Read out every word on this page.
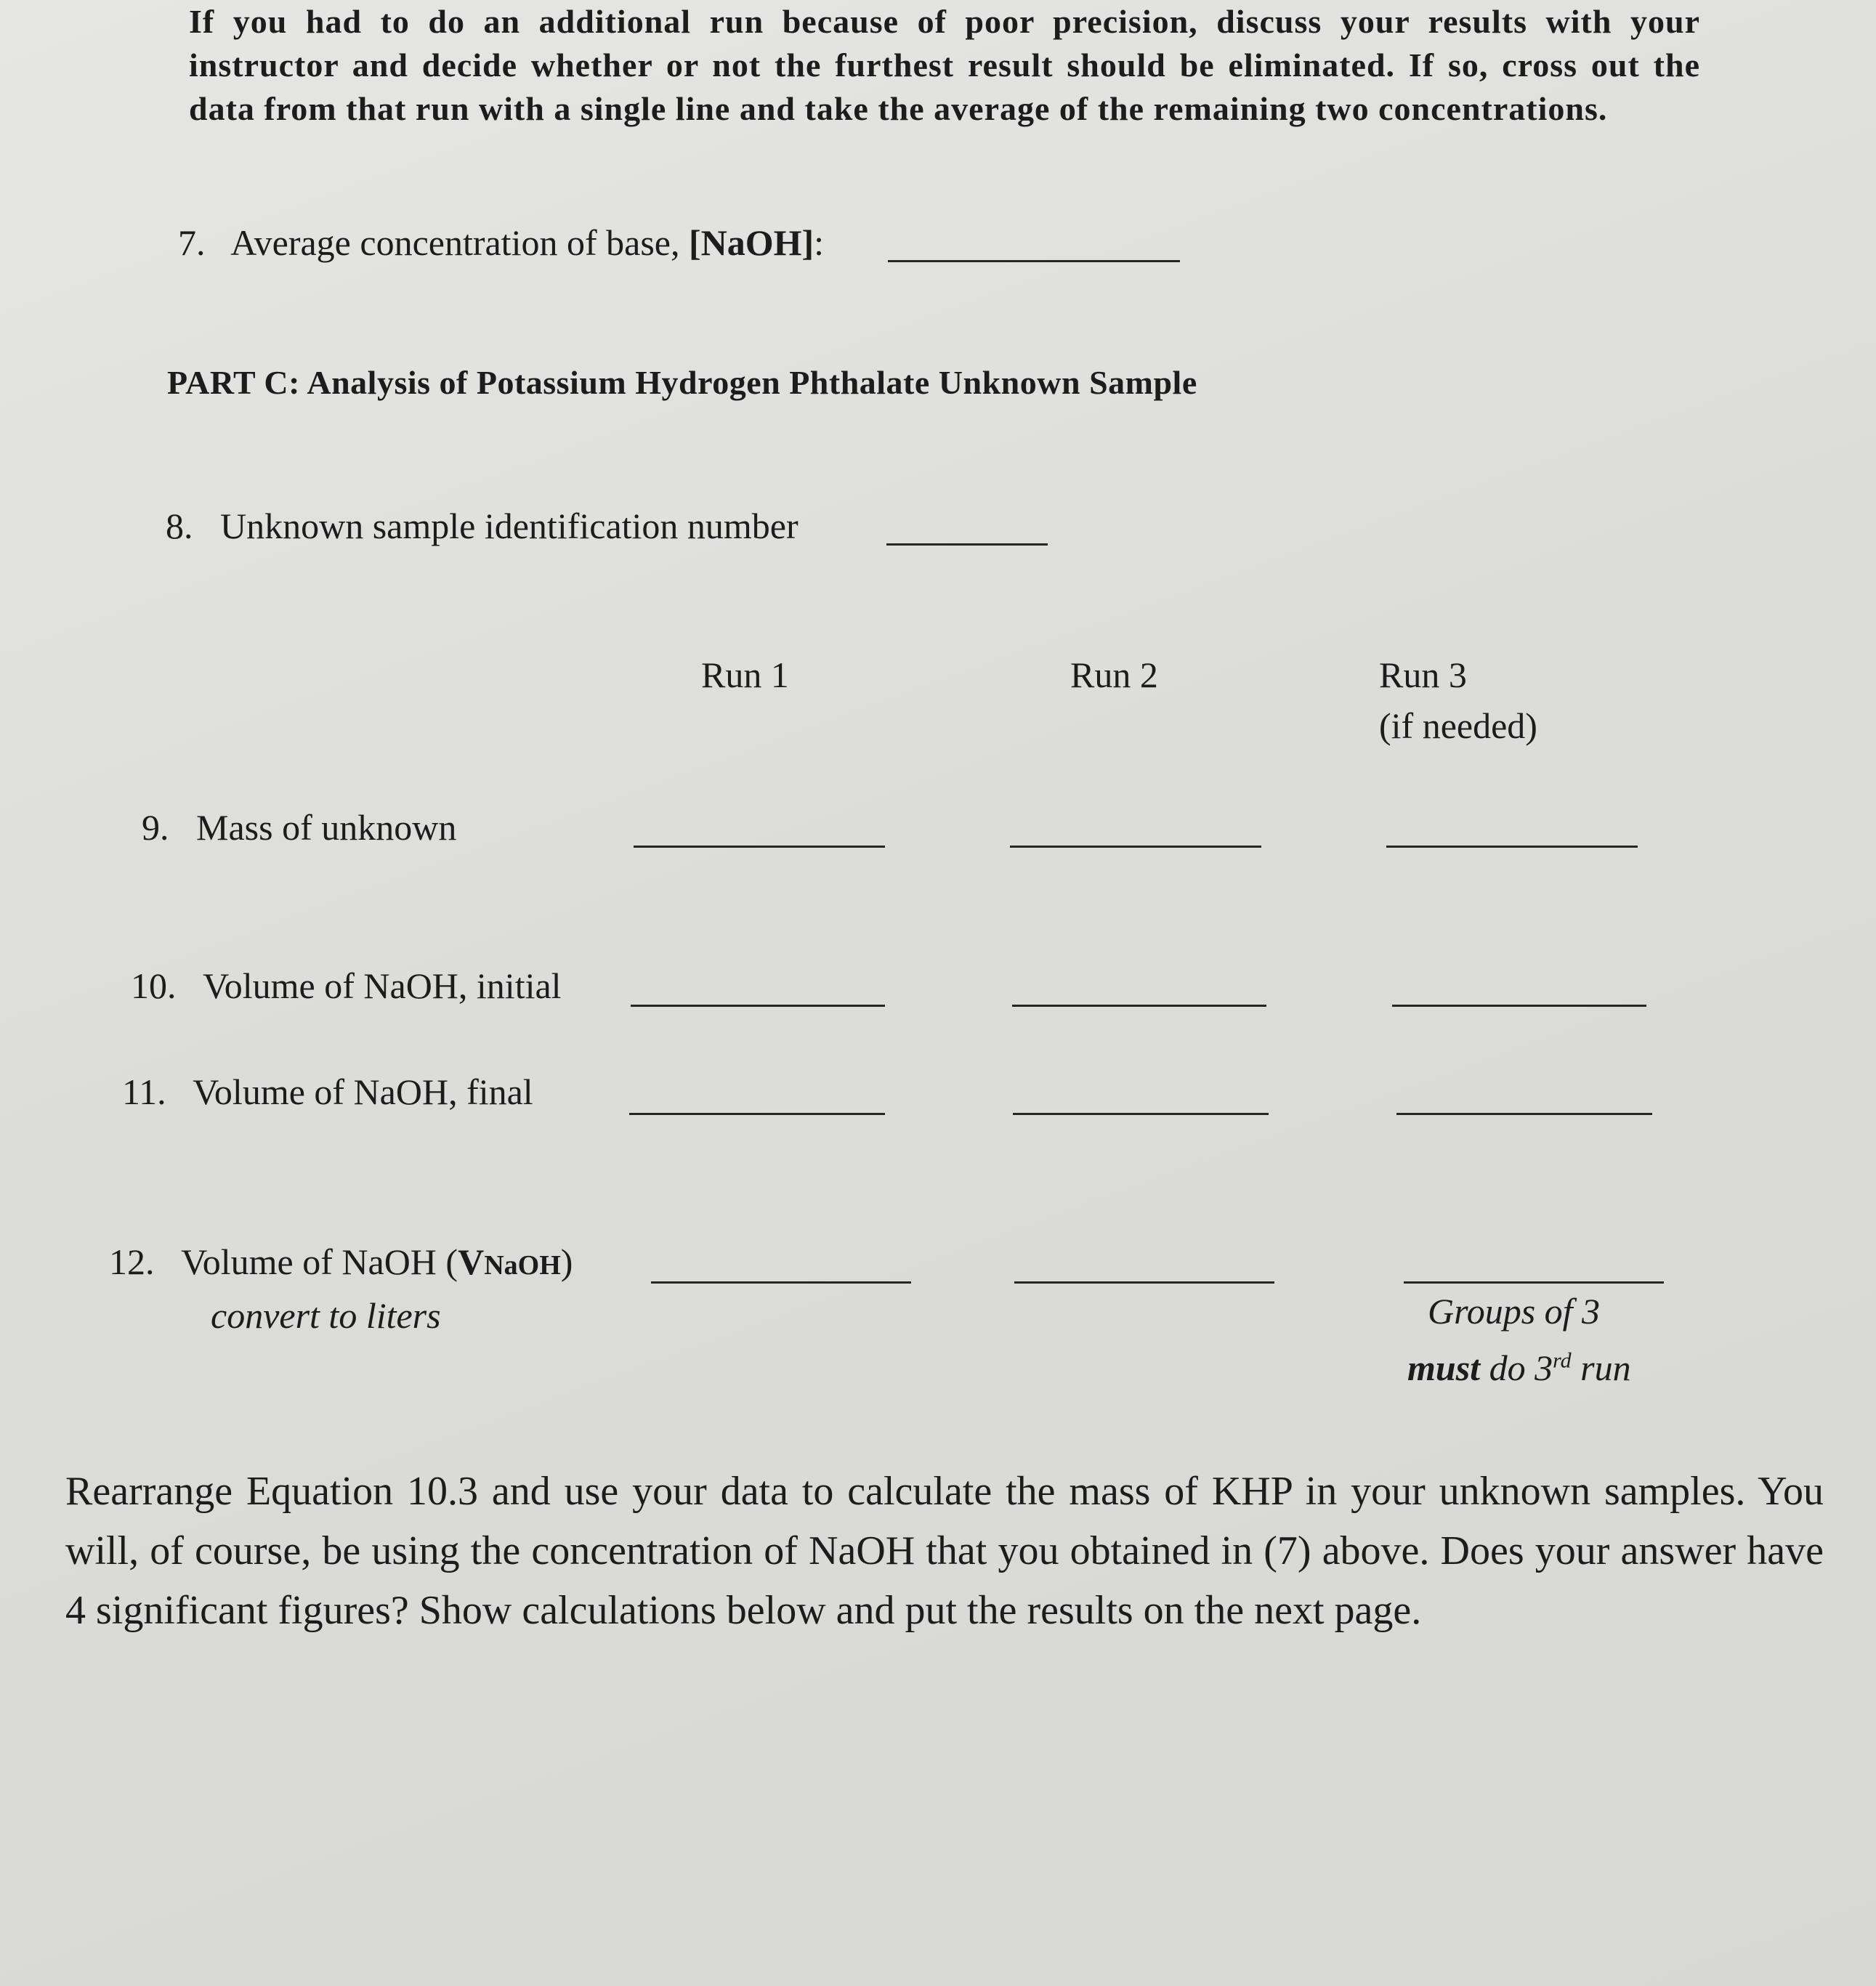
If you had to do an additional run because of poor precision, discuss your results with your instructor and decide whether or not the furthest result should be eliminated. If so, cross out the data from that run with a single line and take the average of the remaining two concentrations.
7. Average concentration of base, [NaOH]:
PART C: Analysis of Potassium Hydrogen Phthalate Unknown Sample
8. Unknown sample identification number
Run 1	Run 2	Run 3
(if needed)
9. Mass of unknown
10. Volume of NaOH, initial
11. Volume of NaOH, final
12. Volume of NaOH (VNaOH)
convert to liters	Groups of 3
must do 3rd run
Rearrange Equation 10.3 and use your data to calculate the mass of KHP in your unknown samples. You will, of course, be using the concentration of NaOH that you obtained in (7) above. Does your answer have 4 significant figures? Show calculations below and put the results on the next page.
